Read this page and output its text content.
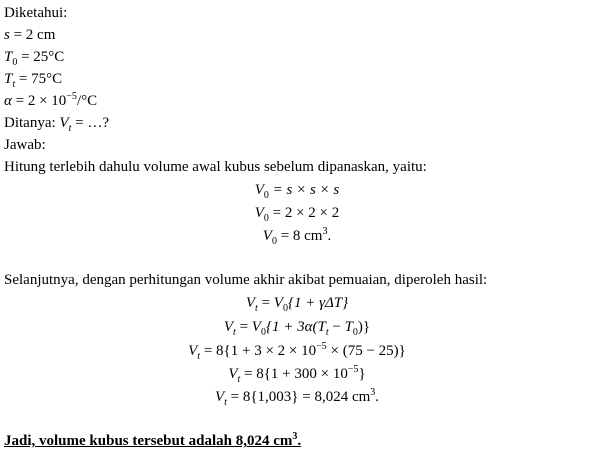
Diketahui:
s = 2 cm
$T_0 = 25^\circ C$
$T_t = 75^\circ C$
$\alpha = 2 \times 10^{-5}/^\circ C$
Ditanya: $V_t$ = …?
Jawab:
Hitung terlebih dahulu volume awal kubus sebelum dipanaskan, yaitu:
$V_0 = s \times s \times s$
$V_0 = 2 \times 2 \times 2$
$V_0 = 8$ $cm^3$.
Selanjutnya, dengan perhitungan volume akhir akibat pemuaian, diperoleh hasil:
$V_t = V_0\{1 + \gamma\Delta T\}$
$V_t = V_0\{1 + 3\alpha(T_t - T_0)\}$
$V_t = 8\{1 + 3 \times 2 \times 10^{-5} \times (75 - 25)\}$
$V_t = 8\{1 + 300 \times 10^{-5}\}$
$V_t = 8\{1,003\} = 8,024$ $cm^3$.
Jadi, volume kubus tersebut adalah 8,024 $cm^3$.
